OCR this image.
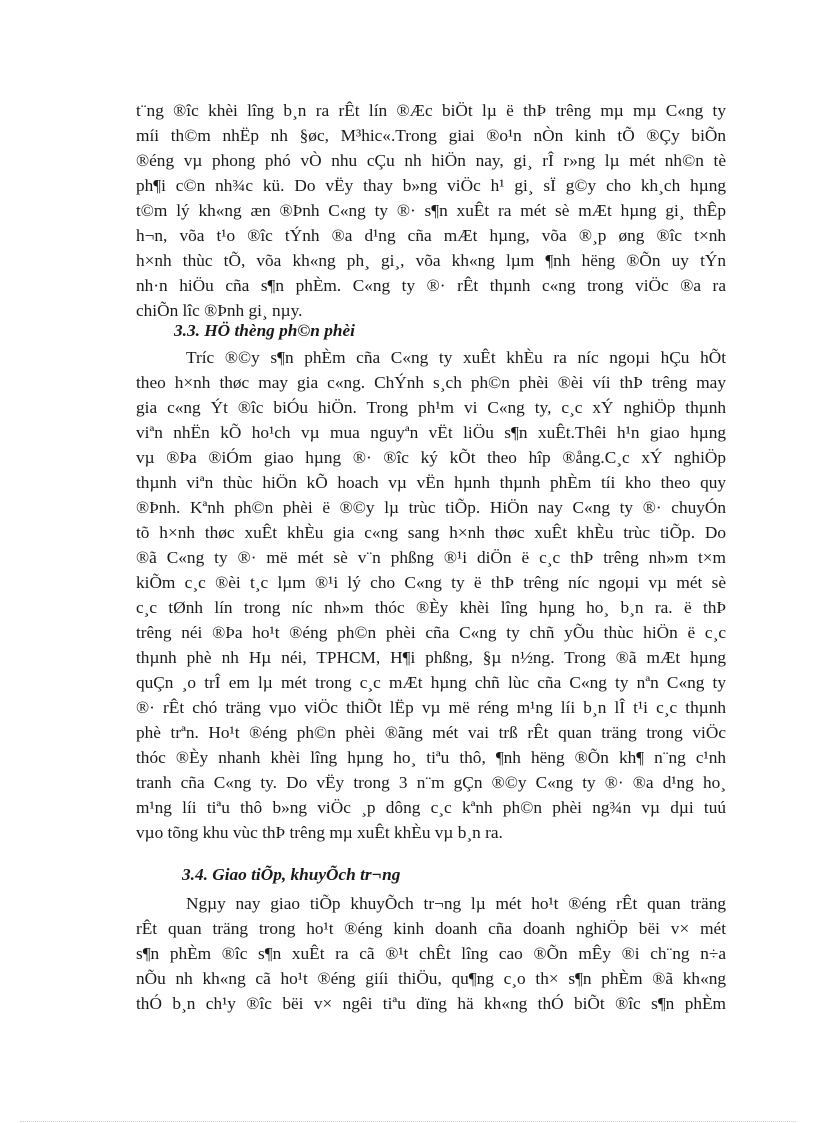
t¨ng ®îc khèi lîng b¸n ra rÊt lín ®Æc biÖt lµ ë thÞ trêng mµ mµ C«ng ty
míi th©m nhËp nh §øc, M³hic«.Trong giai ®o¹n nÒn kinh tÕ ®Çy biÕn
®éng vµ phong phó vÒ nhu cÇu nh hiÖn nay, gi¸ rÎ r»ng lµ mét nh©n tè
ph¶i c©n nh¾c kü. Do vËy thay b»ng viÖc h¹ gi¸ sÏ g©y cho kh¸ch hµng
t©m lý kh«ng æn ®Þnh C«ng ty ®· s¶n xuÊt ra mét sè mÆt hµng gi¸ thÊp
h¬n, võa t¹o ®îc tÝnh ®a d¹ng cña mÆt hµng, võa ®¸p øng ®îc t×nh
h×nh thùc tÕ, võa kh«ng ph¸ gi¸, võa kh«ng lµm ¶nh hëng ®Õn uy tÝn
nh·n hiÖu cña s¶n phÈm. C«ng ty ®· rÊt thµnh c«ng trong viÖc ®a ra
chiÕn lîc ®Þnh gi¸ nµy.
3.3. HÖ thèng ph©n phèi
Tríc ®©y s¶n phÈm cña C«ng ty xuÊt khÈu ra níc ngoµi hÇu hÕt
theo h×nh thøc may gia c«ng. ChÝnh s¸ch ph©n phèi ®èi víi thÞ trêng may
gia c«ng Ýt ®îc biÓu hiÖn. Trong ph¹m vi C«ng ty, c¸c xÝ nghiÖp thµnh
viªn nhËn kÕ ho¹ch vµ mua nguyªn vËt liÖu s¶n xuÊt.Thêi h¹n giao hµng
vµ ®Þa ®iÓm giao hµng ®· ®îc ký kÕt theo hîp ®ång.C¸c xÝ nghiÖp
thµnh viªn thùc hiÖn kÕ hoach vµ vËn hµnh thµnh phÈm tíi kho theo quy
®Þnh. Kªnh ph©n phèi ë ®©y lµ trùc tiÕp. HiÖn nay C«ng ty ®· chuyÓn
tõ h×nh thøc xuÊt khÈu gia c«ng sang h×nh thøc xuÊt khÈu trùc tiÕp. Do
®ã C«ng ty ®· më mét sè v¨n phßng ®¹i diÖn ë c¸c thÞ trêng nh»m t×m
kiÕm c¸c ®èi t¸c lµm ®¹i lý cho C«ng ty ë thÞ trêng níc ngoµi vµ mét sè
c¸c tØnh lín trong níc nh»m thóc ®Èy khèi lîng hµng ho¸ b¸n ra. ë thÞ
trêng néi ®Þa ho¹t ®éng ph©n phèi cña C«ng ty chñ yÕu thùc hiÖn ë c¸c
thµnh phè nh Hµ néi, TPHCM, H¶i phßng, §µ n½ng. Trong ®ã mÆt hµng
quÇn ¸o trÎ em lµ mét trong c¸c mÆt hµng chñ lùc cña C«ng ty nªn C«ng ty
®· rÊt chó träng vµo viÖc thiÕt lËp vµ më réng m¹ng líi b¸n lÎ t¹i c¸c thµnh
phè trªn. Ho¹t ®éng ph©n phèi ®ãng mét vai trß rÊt quan träng trong viÖc
thóc ®Èy nhanh khèi lîng hµng ho¸ tiªu thô, ¶nh hëng ®Õn kh¶ n¨ng c¹nh
tranh cña C«ng ty. Do vËy trong 3 n¨m gÇn ®©y C«ng ty ®· ®a d¹ng ho¸
m¹ng líi tiªu thô b»ng viÖc ¸p dông c¸c kªnh ph©n phèi ng¾n vµ dµi tuú
vµo tõng khu vùc thÞ trêng mµ xuÊt khÈu vµ b¸n ra.
3.4. Giao tiÕp, khuyÕch tr¬ng
Ngµy nay giao tiÕp khuyÕch tr¬ng lµ mét ho¹t ®éng rÊt quan träng
rÊt quan träng trong ho¹t ®éng kinh doanh cña doanh nghiÖp bëi v× mét
s¶n phÈm ®îc s¶n xuÊt ra cã ®¹t chÊt lîng cao ®Õn mÊy ®i ch¨ng n÷a
nÕu nh kh«ng cã ho¹t ®éng giíi thiÖu, qu¶ng c¸o th× s¶n phÈm ®ã kh«ng
thÓ b¸n ch¹y ®îc bëi v× ngêi tiªu dïng hä kh«ng thÓ biÕt ®îc s¶n phÈm
